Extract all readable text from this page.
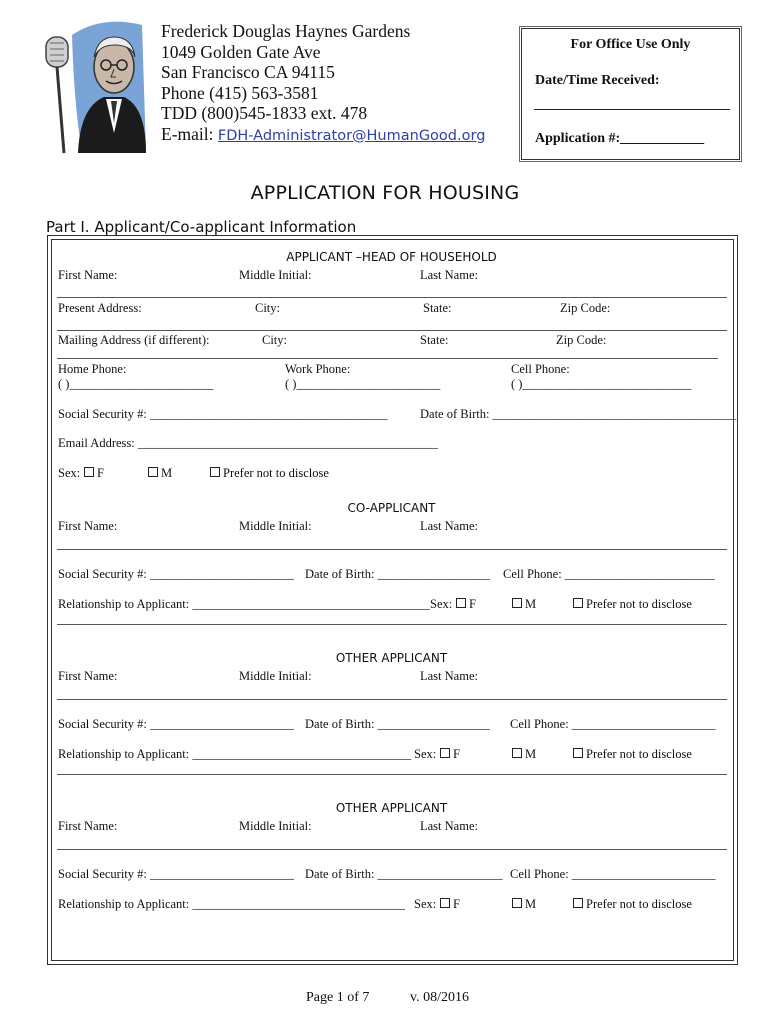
Frederick Douglas Haynes Gardens
1049 Golden Gate Ave
San Francisco CA 94115
Phone (415) 563-3581
TDD (800)545-1833 ext. 478
E-mail: FDH-Administrator@HumanGood.org
For Office Use Only
Date/Time Received:
Application #:____________
APPLICATION FOR HOUSING
Part I. Applicant/Co-applicant Information
APPLICANT –HEAD OF HOUSEHOLD
First Name:	Middle Initial:	Last Name:
Present Address:	City:	State:	Zip Code:
Mailing Address (if different):	City:	State:	Zip Code:
Home Phone:	Work Phone:	Cell Phone:
( )_______________________	( )_______________________	( )___________________________
Social Security #: ______________________________________	Date of Birth: _______________________________________
Email Address: ________________________________________________
Sex:	F	M	Prefer not to disclose
CO-APPLICANT
First Name:	Middle Initial:	Last Name:
Social Security #: _______________________ Date of Birth: __________________ Cell Phone: ________________________
Relationship to Applicant: ______________________________________ Sex:	F	M	Prefer not to disclose
OTHER APPLICANT
First Name:	Middle Initial:	Last Name:
Social Security #: _______________________ Date of Birth: __________________ Cell Phone: _______________________
Relationship to Applicant: ___________________________________ Sex:	F	M	Prefer not to disclose
OTHER APPLICANT
First Name:	Middle Initial:	Last Name:
Social Security #: _______________________ Date of Birth: ____________________ Cell Phone: _______________________
Relationship to Applicant: __________________________________ Sex:	F	M	Prefer not to disclose
Page 1 of 7	v. 08/2016
